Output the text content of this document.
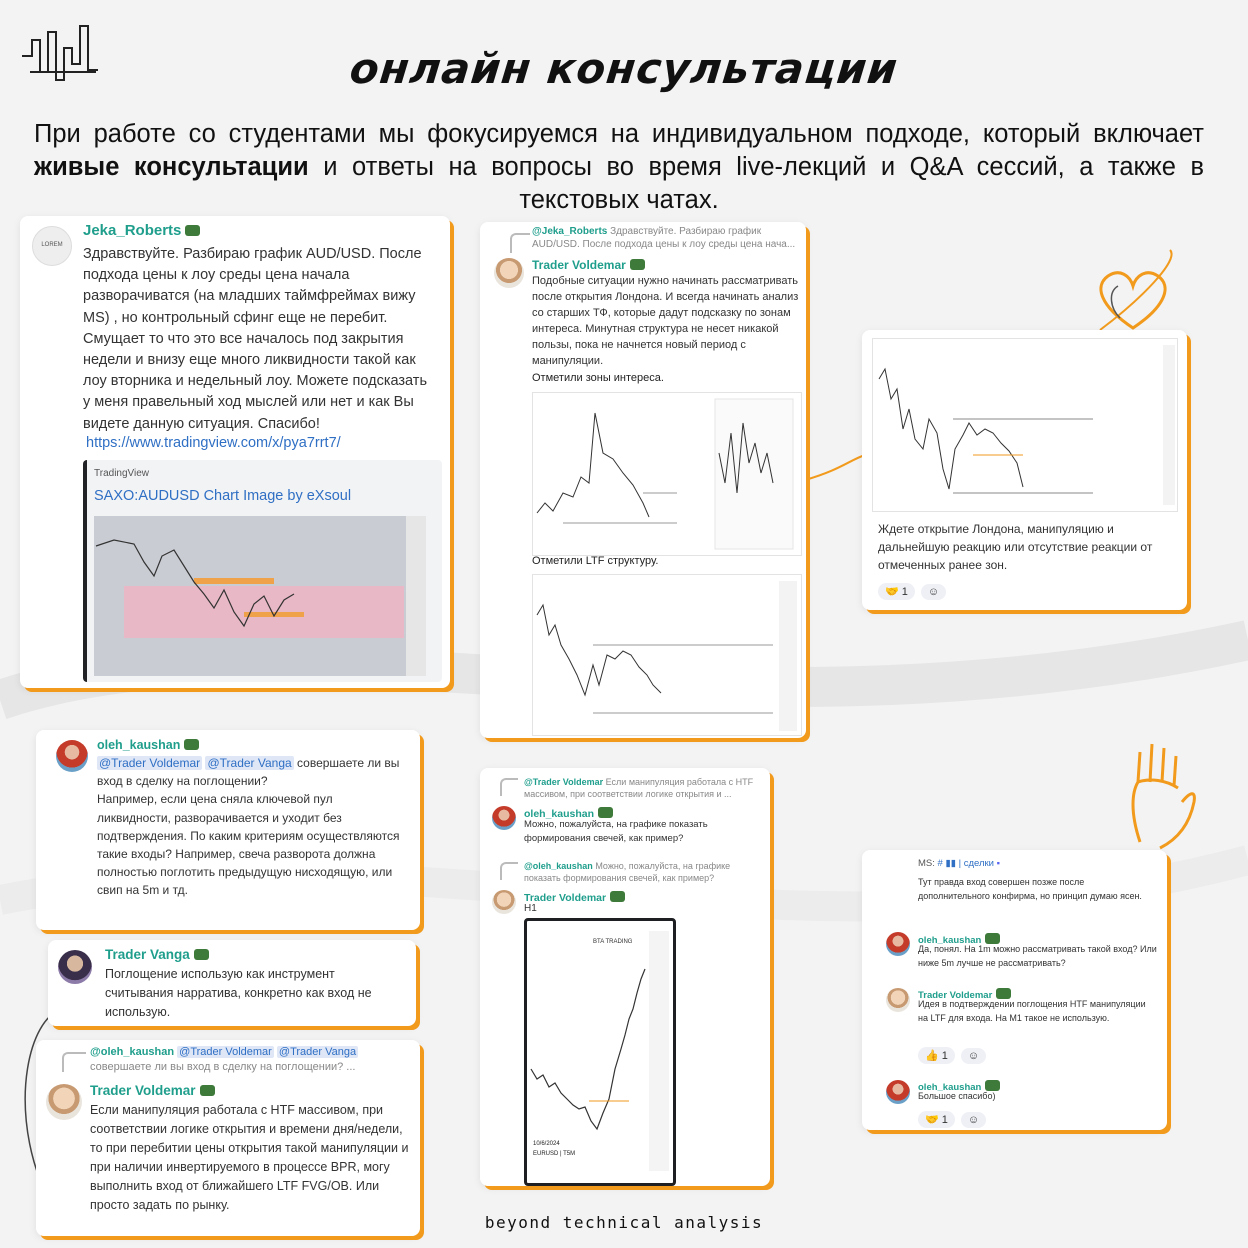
онлайн консультации
При работе со студентами мы фокусируемся на индивидуальном подходе, который включает живые консультации и ответы на вопросы во время live-лекций и Q&A сессий, а также в текстовых чатах.
LOREM
Jeka_Roberts
Здравствуйте. Разбираю график AUD/USD. После подхода цены к лоу среды цена начала разворачиватся (на младших таймфреймах вижу MS) , но контрольный сфинг еще не перебит. Смущает то что это все началось под закрытия недели и внизу еще много ликвидности такой как лоу вторника и недельный лоу. Можете подсказать у меня правельный ход мыслей или нет и как Вы видете данную ситуация. Спасибо!
https://www.tradingview.com/x/pya7rrt7/
TradingView
SAXO:AUDUSD Chart Image by eXsoul
@Jeka_Roberts Здравствуйте. Разбираю график AUD/USD. После подхода цены к лоу среды цена нача...
Trader Voldemar
Подобные ситуации нужно начинать рассматривать после открытия Лондона. И всегда начинать анализ со старших ТФ, которые дадут подсказку по зонам интереса. Минутная структура не несет никакой пользы, пока не начнется новый период с манипуляции.
Отметили зоны интереса.
Отметили LTF структуру.
Ждете открытие Лондона, манипуляцию и дальнейшую реакцию или отсутствие реакции от отмеченных ранее зон.
🤝 1 ☺
oleh_kaushan
@Trader Voldemar @Trader Vanga совершаете ли вы вход в сделку на поглощении?
Например, если цена сняла ключевой пул ликвидности, разворачивается и уходит без подтверждения. По каким критериям осуществляются такие входы? Например, свеча разворота должна полностью поглотить предыдущую нисходящую, или свип на 5m и тд.
Trader Vanga
Поглощение использую как инструмент считывания нарратива, конкретно как вход не использую.
@oleh_kaushan @Trader Voldemar @Trader Vanga
совершаете ли вы вход в сделку на поглощении? ...
Trader Voldemar
Если манипуляция работала с HTF массивом, при соответствии логике открытия и времени дня/недели, то при перебитии цены открытия такой манипуляции и при наличии инвертируемого в процессе BPR, могу выполнить вход от ближайшего LTF FVG/OB. Или просто задать по рынку.
@Trader Voldemar Если манипуляция работала с HTF массивом, при соответствии логике открытия и ...
oleh_kaushan
Можно, пожалуйста, на графике показать формирования свечей, как пример?
@oleh_kaushan Можно, пожалуйста, на графике показать формирования свечей, как пример?
Trader Voldemar
H1
BTA TRADING
10/6/2024
EURUSD | T5M
MS: # ▮▮ | сделки ▪
Тут правда вход совершен позже после дополнительного конфирма, но принцип думаю ясен.
oleh_kaushan
Да, понял. На 1m можно рассматривать такой вход? Или ниже 5m лучше не рассматривать?
Trader Voldemar
Идея в подтверждении поглощения HTF манипуляции на LTF для входа. На M1 такое не использую.
👍 1 ☺
oleh_kaushan
Большое спасибо)
🤝 1 ☺
beyond technical analysis
